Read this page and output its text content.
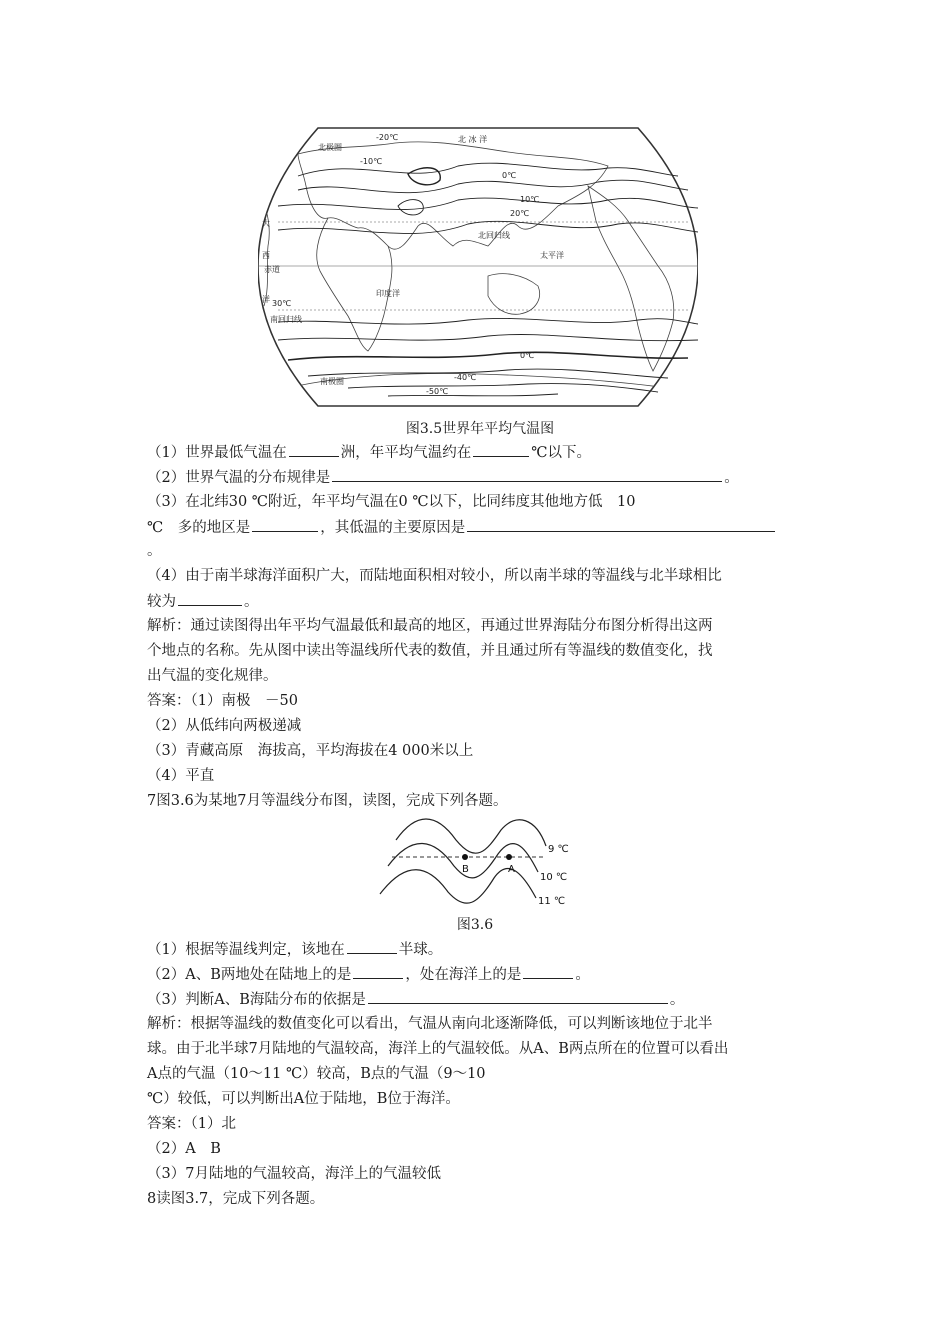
北 冰 洋
太平洋
印度洋
大
西
洋
赤道
北回归线
南回归线
北极圈
南极圈
-20℃
-10℃
0℃
10℃
20℃
30℃
0℃
-40℃
-50℃
图3.5世界年平均气温图
（1）世界最低气温在	洲，年平均气温约在	℃以下。
（2）世界气温的分布规律是	。
（3）在北纬30 ℃附近，年平均气温在0 ℃以下，比同纬度其他地方低　10
℃　多的地区是	，其低温的主要原因是
。
（4）由于南半球海洋面积广大，而陆地面积相对较小，所以南半球的等温线与北半球相比
较为	。
解析：通过读图得出年平均气温最低和最高的地区，再通过世界海陆分布图分析得出这两
个地点的名称。先从图中读出等温线所代表的数值，并且通过所有等温线的数值变化，找
出气温的变化规律。
答案：（1）南极　－50
（2）从低纬向两极递减
（3）青藏高原　海拔高，平均海拔在4 000米以上
（4）平直
7图3.6为某地7月等温线分布图，读图，完成下列各题。
B	A
9 ℃
10 ℃
11 ℃
图3.6
（1）根据等温线判定，该地在	半球。
（2）A、B两地处在陆地上的是	，处在海洋上的是	。
（3）判断A、B海陆分布的依据是	。
解析：根据等温线的数值变化可以看出，气温从南向北逐渐降低，可以判断该地位于北半
球。由于北半球7月陆地的气温较高，海洋上的气温较低。从A、B两点所在的位置可以看出
A点的气温（10～11 ℃）较高，B点的气温（9～10
℃）较低，可以判断出A位于陆地，B位于海洋。
答案：（1）北
（2）A　B
（3）7月陆地的气温较高，海洋上的气温较低
8读图3.7，完成下列各题。
